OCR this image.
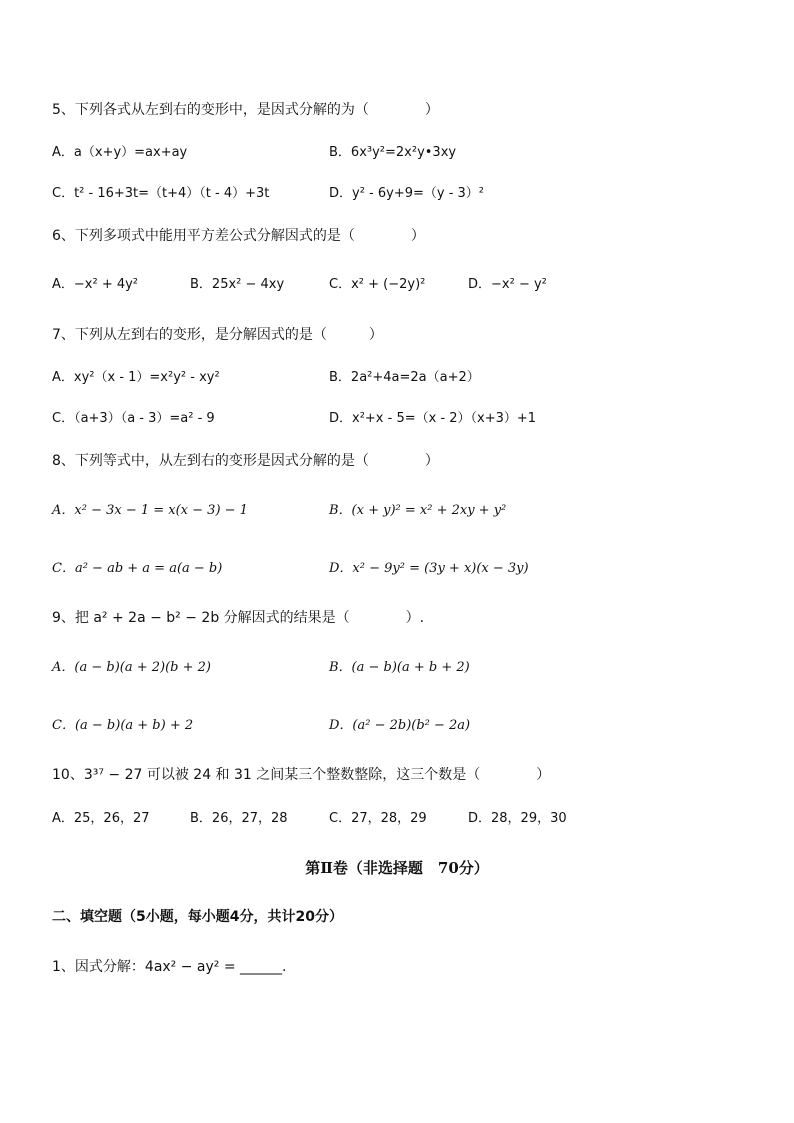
5、下列各式从左到右的变形中，是因式分解的为（　　　　）
A．a（x+y）=ax+ay	B．6x³y²=2x²y•3xy
C．t² - 16+3t=（t+4）（t - 4）+3t	D．y² - 6y+9=（y - 3）²
6、下列多项式中能用平方差公式分解因式的是（　　　　）
A．−x² + 4y²	B．25x² − 4xy	C．x² + (−2y)²	D．−x² − y²
7、下列从左到右的变形，是分解因式的是（　　　）
A．xy²（x - 1）=x²y² - xy²	B．2a²+4a=2a（a+2）
C．（a+3）（a - 3）=a² - 9	D．x²+x - 5=（x - 2）（x+3）+1
8、下列等式中，从左到右的变形是因式分解的是（　　　　）
A．x² − 3x − 1 = x(x − 3) − 1	B．(x + y)² = x² + 2xy + y²
C．a² − ab + a = a(a − b)	D．x² − 9y² = (3y + x)(x − 3y)
9、把 a² + 2a − b² − 2b 分解因式的结果是（　　　　）.
A．(a − b)(a + 2)(b + 2)	B．(a − b)(a + b + 2)
C．(a − b)(a + b) + 2	D．(a² − 2b)(b² − 2a)
10、3³⁷ − 27 可以被 24 和 31 之间某三个整数整除，这三个数是（　　　　）
A．25，26，27	B．26，27，28	C．27，28，29	D．28，29，30
第Ⅱ卷（非选择题　70分）
二、填空题（5小题，每小题4分，共计20分）
1、因式分解：4ax² − ay² = ______.
